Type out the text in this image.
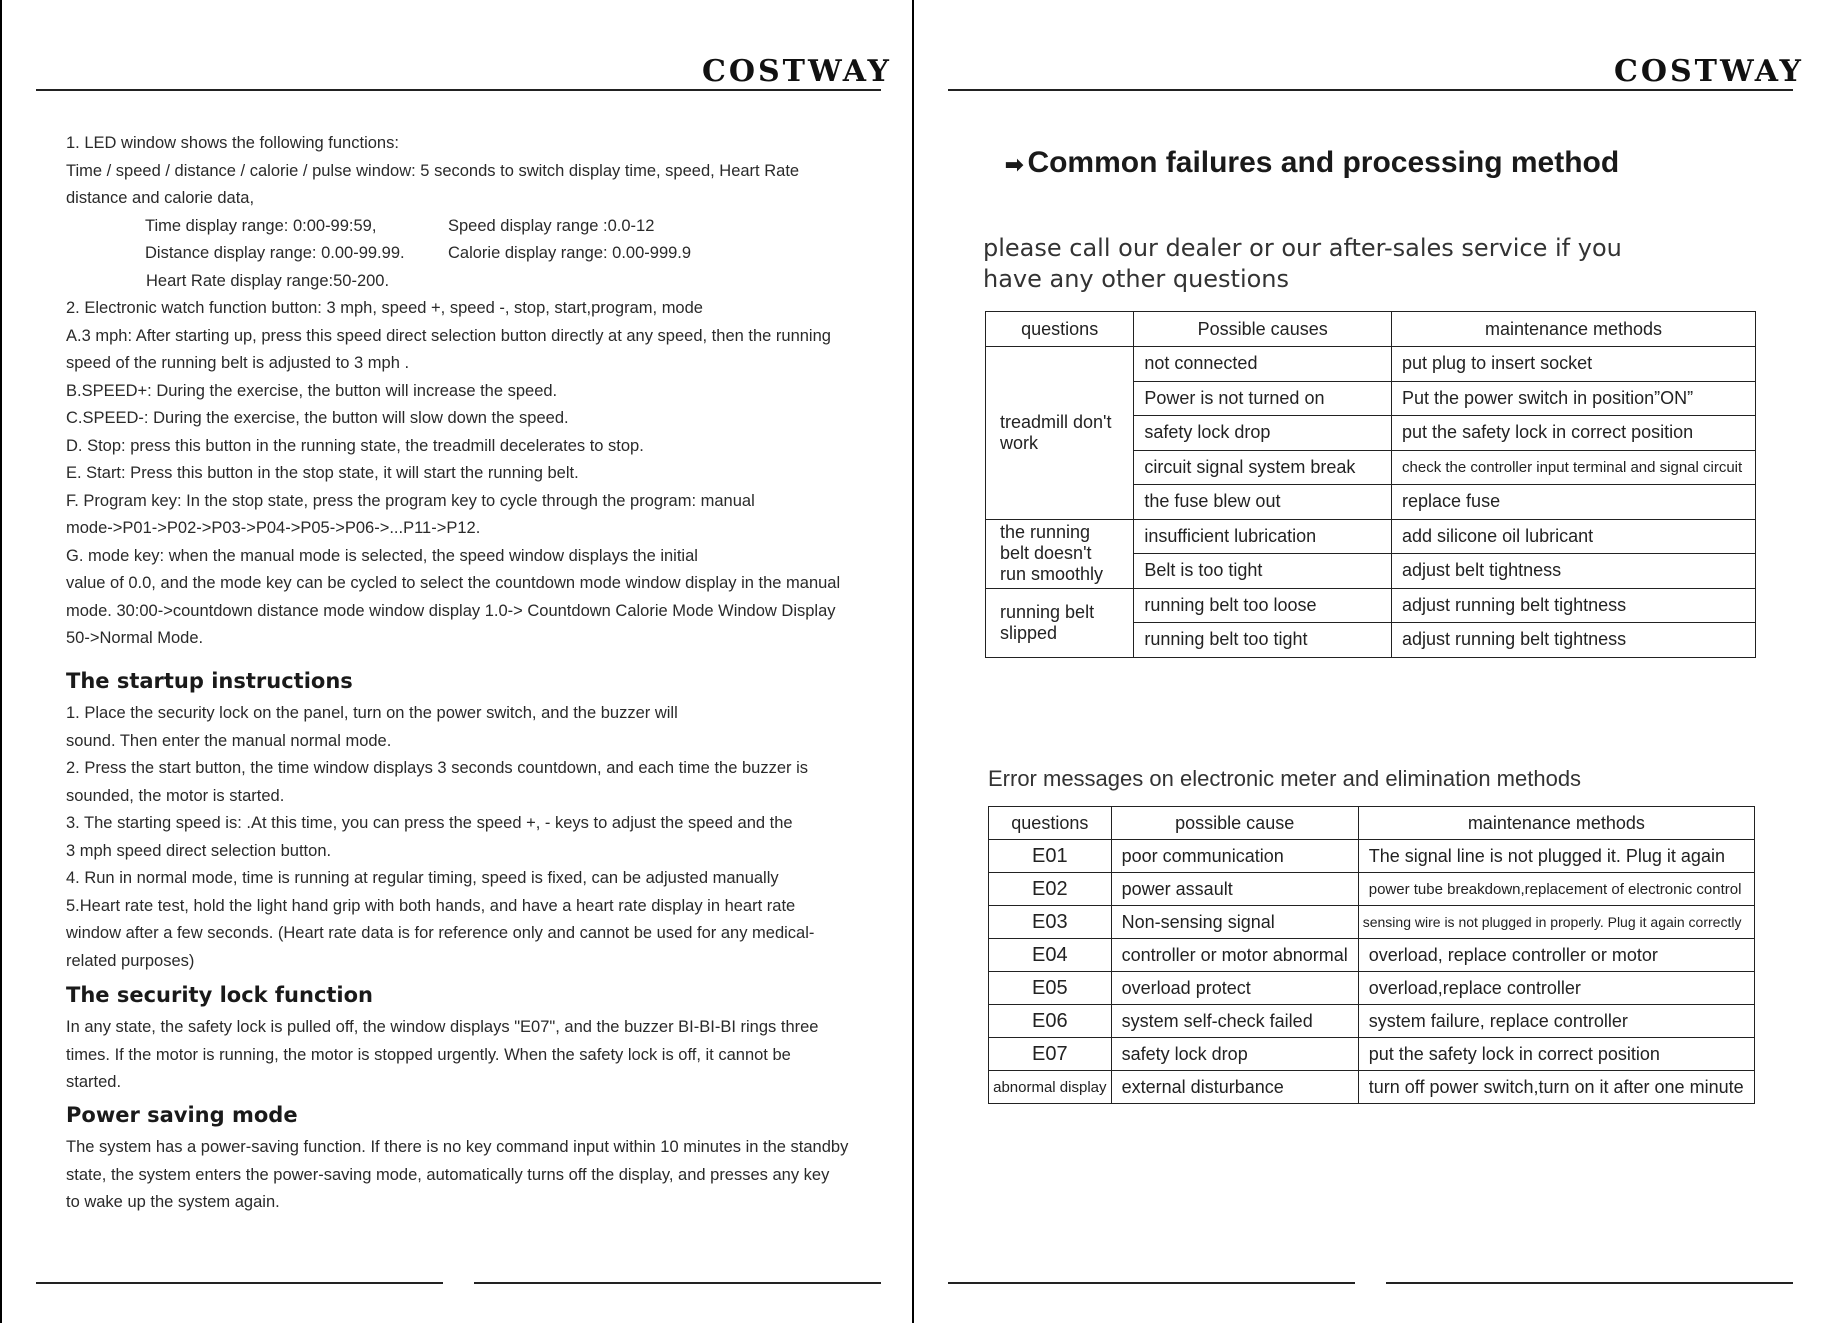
COSTWAY
1. LED window shows the following functions:
Time / speed / distance / calorie / pulse window: 5 seconds to switch display time, speed, Heart Rate
distance and calorie data,
Time display range: 0:00-99:59,	Speed display range :0.0-12
Distance display range: 0.00-99.99.	Calorie display range: 0.00-999.9
Heart Rate display range:50-200.
2. Electronic watch function button: 3 mph, speed +, speed -, stop, start,program, mode
A.3 mph: After starting up, press this speed direct selection button directly at any speed, then the running
speed of the running belt is adjusted to 3 mph .
B.SPEED+: During the exercise, the button will increase the speed.
C.SPEED-: During the exercise, the button will slow down the speed.
D. Stop: press this button in the running state, the treadmill decelerates to stop.
E. Start: Press this button in the stop state, it will start the running belt.
F. Program key: In the stop state, press the program key to cycle through the program: manual
mode->P01->P02->P03->P04->P05->P06->...P11->P12.
G. mode key: when the manual mode is selected, the speed window displays the initial
value of 0.0, and the mode key can be cycled to select the countdown mode window display in the manual
mode. 30:00->countdown distance mode window display 1.0-> Countdown Calorie Mode Window Display
50->Normal Mode.
The startup instructions
1. Place the security lock on the panel, turn on the power switch, and the buzzer will
sound. Then enter the manual normal mode.
2. Press the start button, the time window displays 3 seconds countdown, and each time the buzzer is
sounded, the motor is started.
3. The starting speed is: .At this time, you can press the speed +, - keys to adjust the speed and the
3 mph speed direct selection button.
4. Run in normal mode, time is running at regular timing, speed is fixed, can be adjusted manually
5.Heart rate test, hold the light hand grip with both hands, and have a heart rate display in heart rate
window after a few seconds. (Heart rate data is for reference only and cannot be used for any medical-
related purposes)
The security lock function
In any state, the safety lock is pulled off, the window displays "E07", and the buzzer BI-BI-BI rings three
times. If the motor is running, the motor is stopped urgently. When the safety lock is off, it cannot be
started.
Power saving mode
The system has a power-saving function. If there is no key command input within 10 minutes in the standby
state, the system enters the power-saving mode, automatically turns off the display, and presses any key
to wake up the system again.
COSTWAY
➡ Common failures and processing method
please call our dealer or our after-sales service if you
have any other questions
questions	Possible causes	maintenance methods
treadmill don't work	not connected	put plug to insert socket
	Power is not turned on	Put the power switch in position”ON”
	safety lock drop	put the safety lock in correct position
	circuit signal system break	check the controller input terminal and signal circuit
	the fuse blew out	replace fuse
the running belt doesn't run smoothly	insufficient lubrication	add silicone oil lubricant
	Belt is too tight	adjust belt tightness
running belt slipped	running belt too loose	adjust running belt tightness
	running belt too tight	adjust running belt tightness
Error messages on electronic meter and elimination methods
questions	possible cause	maintenance methods
E01	poor communication	The signal line is not plugged it. Plug it again
E02	power assault	power tube breakdown,replacement of electronic control
E03	Non-sensing signal	sensing wire is not plugged in properly. Plug it again correctly
E04	controller or motor abnormal	overload, replace controller or motor
E05	overload protect	overload,replace controller
E06	system self-check failed	system failure, replace controller
E07	safety lock drop	put the safety lock in correct position
abnormal display	external disturbance	turn off power switch,turn on it after one minute
